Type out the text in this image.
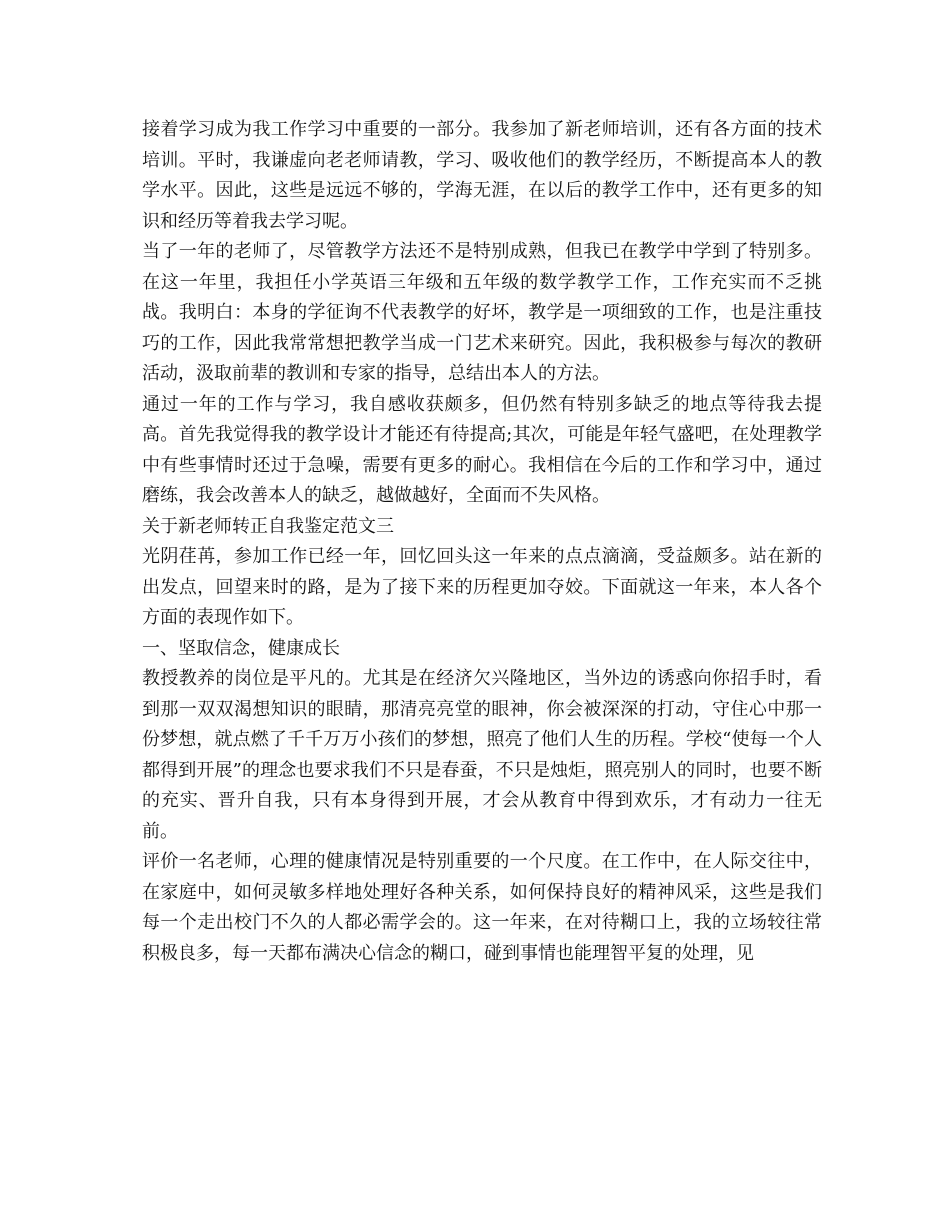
接着学习成为我工作学习中重要的一部分。我参加了新老师培训，还有各方面的技术培训。平时，我谦虚向老老师请教，学习、吸收他们的教学经历，不断提高本人的教学水平。因此，这些是远远不够的，学海无涯，在以后的教学工作中，还有更多的知识和经历等着我去学习呢。

当了一年的老师了，尽管教学方法还不是特别成熟，但我已在教学中学到了特别多。在这一年里，我担任小学英语三年级和五年级的数学教学工作，工作充实而不乏挑战。我明白：本身的学征询不代表教学的好坏，教学是一项细致的工作，也是注重技巧的工作，因此我常常想把教学当成一门艺术来研究。因此，我积极参与每次的教研活动，汲取前辈的教训和专家的指导，总结出本人的方法。

通过一年的工作与学习，我自感收获颇多，但仍然有特别多缺乏的地点等待我去提高。首先我觉得我的教学设计才能还有待提高;其次，可能是年轻气盛吧，在处理教学中有些事情时还过于急噪，需要有更多的耐心。我相信在今后的工作和学习中，通过磨练，我会改善本人的缺乏，越做越好，全面而不失风格。

关于新老师转正自我鉴定范文三

光阴荏苒，参加工作已经一年，回忆回头这一年来的点点滴滴，受益颇多。站在新的出发点，回望来时的路，是为了接下来的历程更加夺姣。下面就这一年来，本人各个方面的表现作如下。

一、坚取信念，健康成长

教授教养的岗位是平凡的。尤其是在经济欠兴隆地区，当外边的诱惑向你招手时，看到那一双双渴想知识的眼睛，那清亮亮堂的眼神，你会被深深的打动，守住心中那一份梦想，就点燃了千千万万小孩们的梦想，照亮了他们人生的历程。学校“使每一个人都得到开展”的理念也要求我们不只是春蚕，不只是烛炬，照亮别人的同时，也要不断的充实、晋升自我，只有本身得到开展，才会从教育中得到欢乐，才有动力一往无前。

评价一名老师，心理的健康情况是特别重要的一个尺度。在工作中，在人际交往中，在家庭中，如何灵敏多样地处理好各种关系，如何保持良好的精神风采，这些是我们每一个走出校门不久的人都必需学会的。这一年来，在对待糊口上，我的立场较往常积极良多，每一天都布满决心信念的糊口，碰到事情也能理智平复的处理，见
